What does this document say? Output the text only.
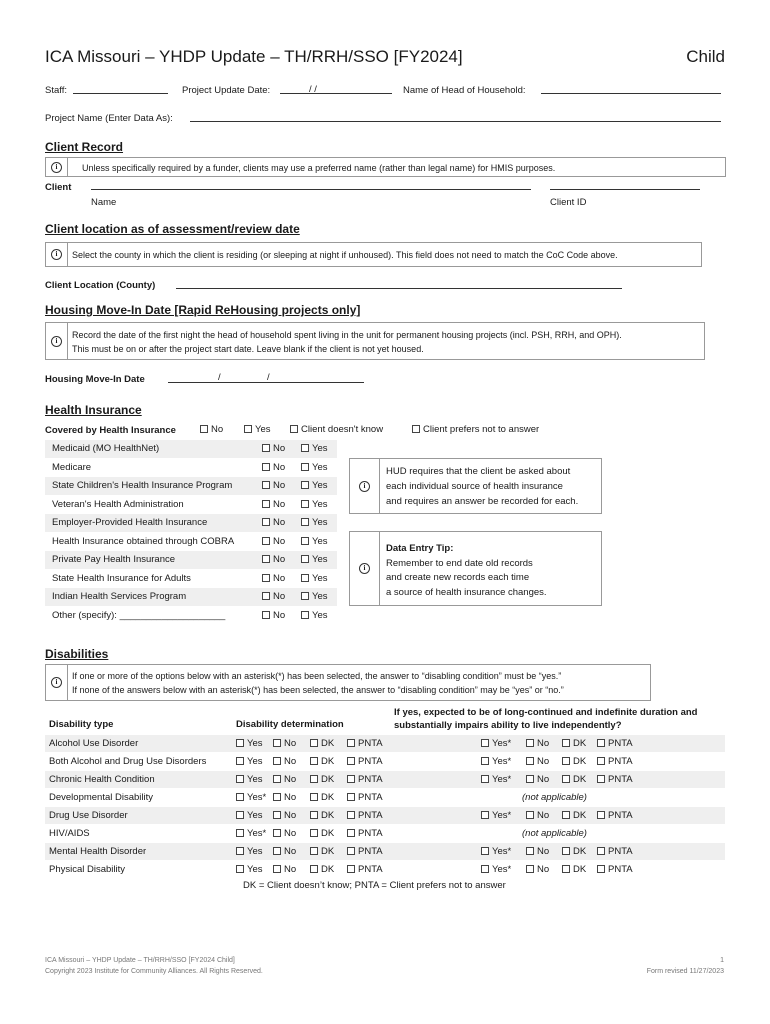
ICA Missouri – YHDP Update – TH/RRH/SSO [FY2024]	Child
Staff:	Project Update Date:	/ /	Name of Head of Household:
Project Name (Enter Data As):
Client Record
i	Unless specifically required by a funder, clients may use a preferred name (rather than legal name) for HMIS purposes.
Client
Name	Client ID
Client location as of assessment/review date
i	Select the county in which the client is residing (or sleeping at night if unhoused). This field does not need to match the CoC Code above.
Client Location (County)
Housing Move-In Date [Rapid ReHousing projects only]
i
Record the date of the first night the head of household spent living in the unit for permanent housing projects (incl. PSH, RRH, and OPH).
This must be on or after the project start date. Leave blank if the client is not yet housed.
Housing Move-In Date	/	/
Health Insurance
Covered by Health Insurance	No	Yes	Client doesn't know	Client prefers not to answer
Medicaid (MO HealthNet)	No	Yes
Medicare	No	Yes
State Children's Health Insurance Program	No	Yes
Veteran's Health Administration	No	Yes
Employer-Provided Health Insurance	No	Yes
Health Insurance obtained through COBRA	No	Yes
Private Pay Health Insurance	No	Yes
State Health Insurance for Adults	No	Yes
Indian Health Services Program	No	Yes
Other (specify): ____________________	No	Yes
i
HUD requires that the client be asked about
each individual source of health insurance
and requires an answer be recorded for each.
i
Data Entry Tip:
Remember to end date old records
and create new records each time
a source of health insurance changes.
Disabilities
i
If one or more of the options below with an asterisk(*) has been selected, the answer to “disabling condition” must be “yes.”
If none of the answers below with an asterisk(*) has been selected, the answer to “disabling condition” may be “yes” or “no.”
Disability type	Disability determination
If yes, expected to be of long-continued and indefinite duration and
substantially impairs ability to live independently?
Alcohol Use Disorder	Yes	No	DK	PNTA	Yes*	No	DK	PNTA
Both Alcohol and Drug Use Disorders	Yes	No	DK	PNTA	Yes*	No	DK	PNTA
Chronic Health Condition	Yes	No	DK	PNTA	Yes*	No	DK	PNTA
Developmental Disability	Yes*	No	DK	PNTA	(not applicable)
Drug Use Disorder	Yes	No	DK	PNTA	Yes*	No	DK	PNTA
HIV/AIDS	Yes*	No	DK	PNTA	(not applicable)
Mental Health Disorder	Yes	No	DK	PNTA	Yes*	No	DK	PNTA
Physical Disability	Yes	No	DK	PNTA	Yes*	No	DK	PNTA
DK = Client doesn’t know; PNTA = Client prefers not to answer
ICA Missouri – YHDP Update – TH/RRH/SSO [FY2024 Child]
Copyright 2023 Institute for Community Alliances. All Rights Reserved.
1
Form revised 11/27/2023
